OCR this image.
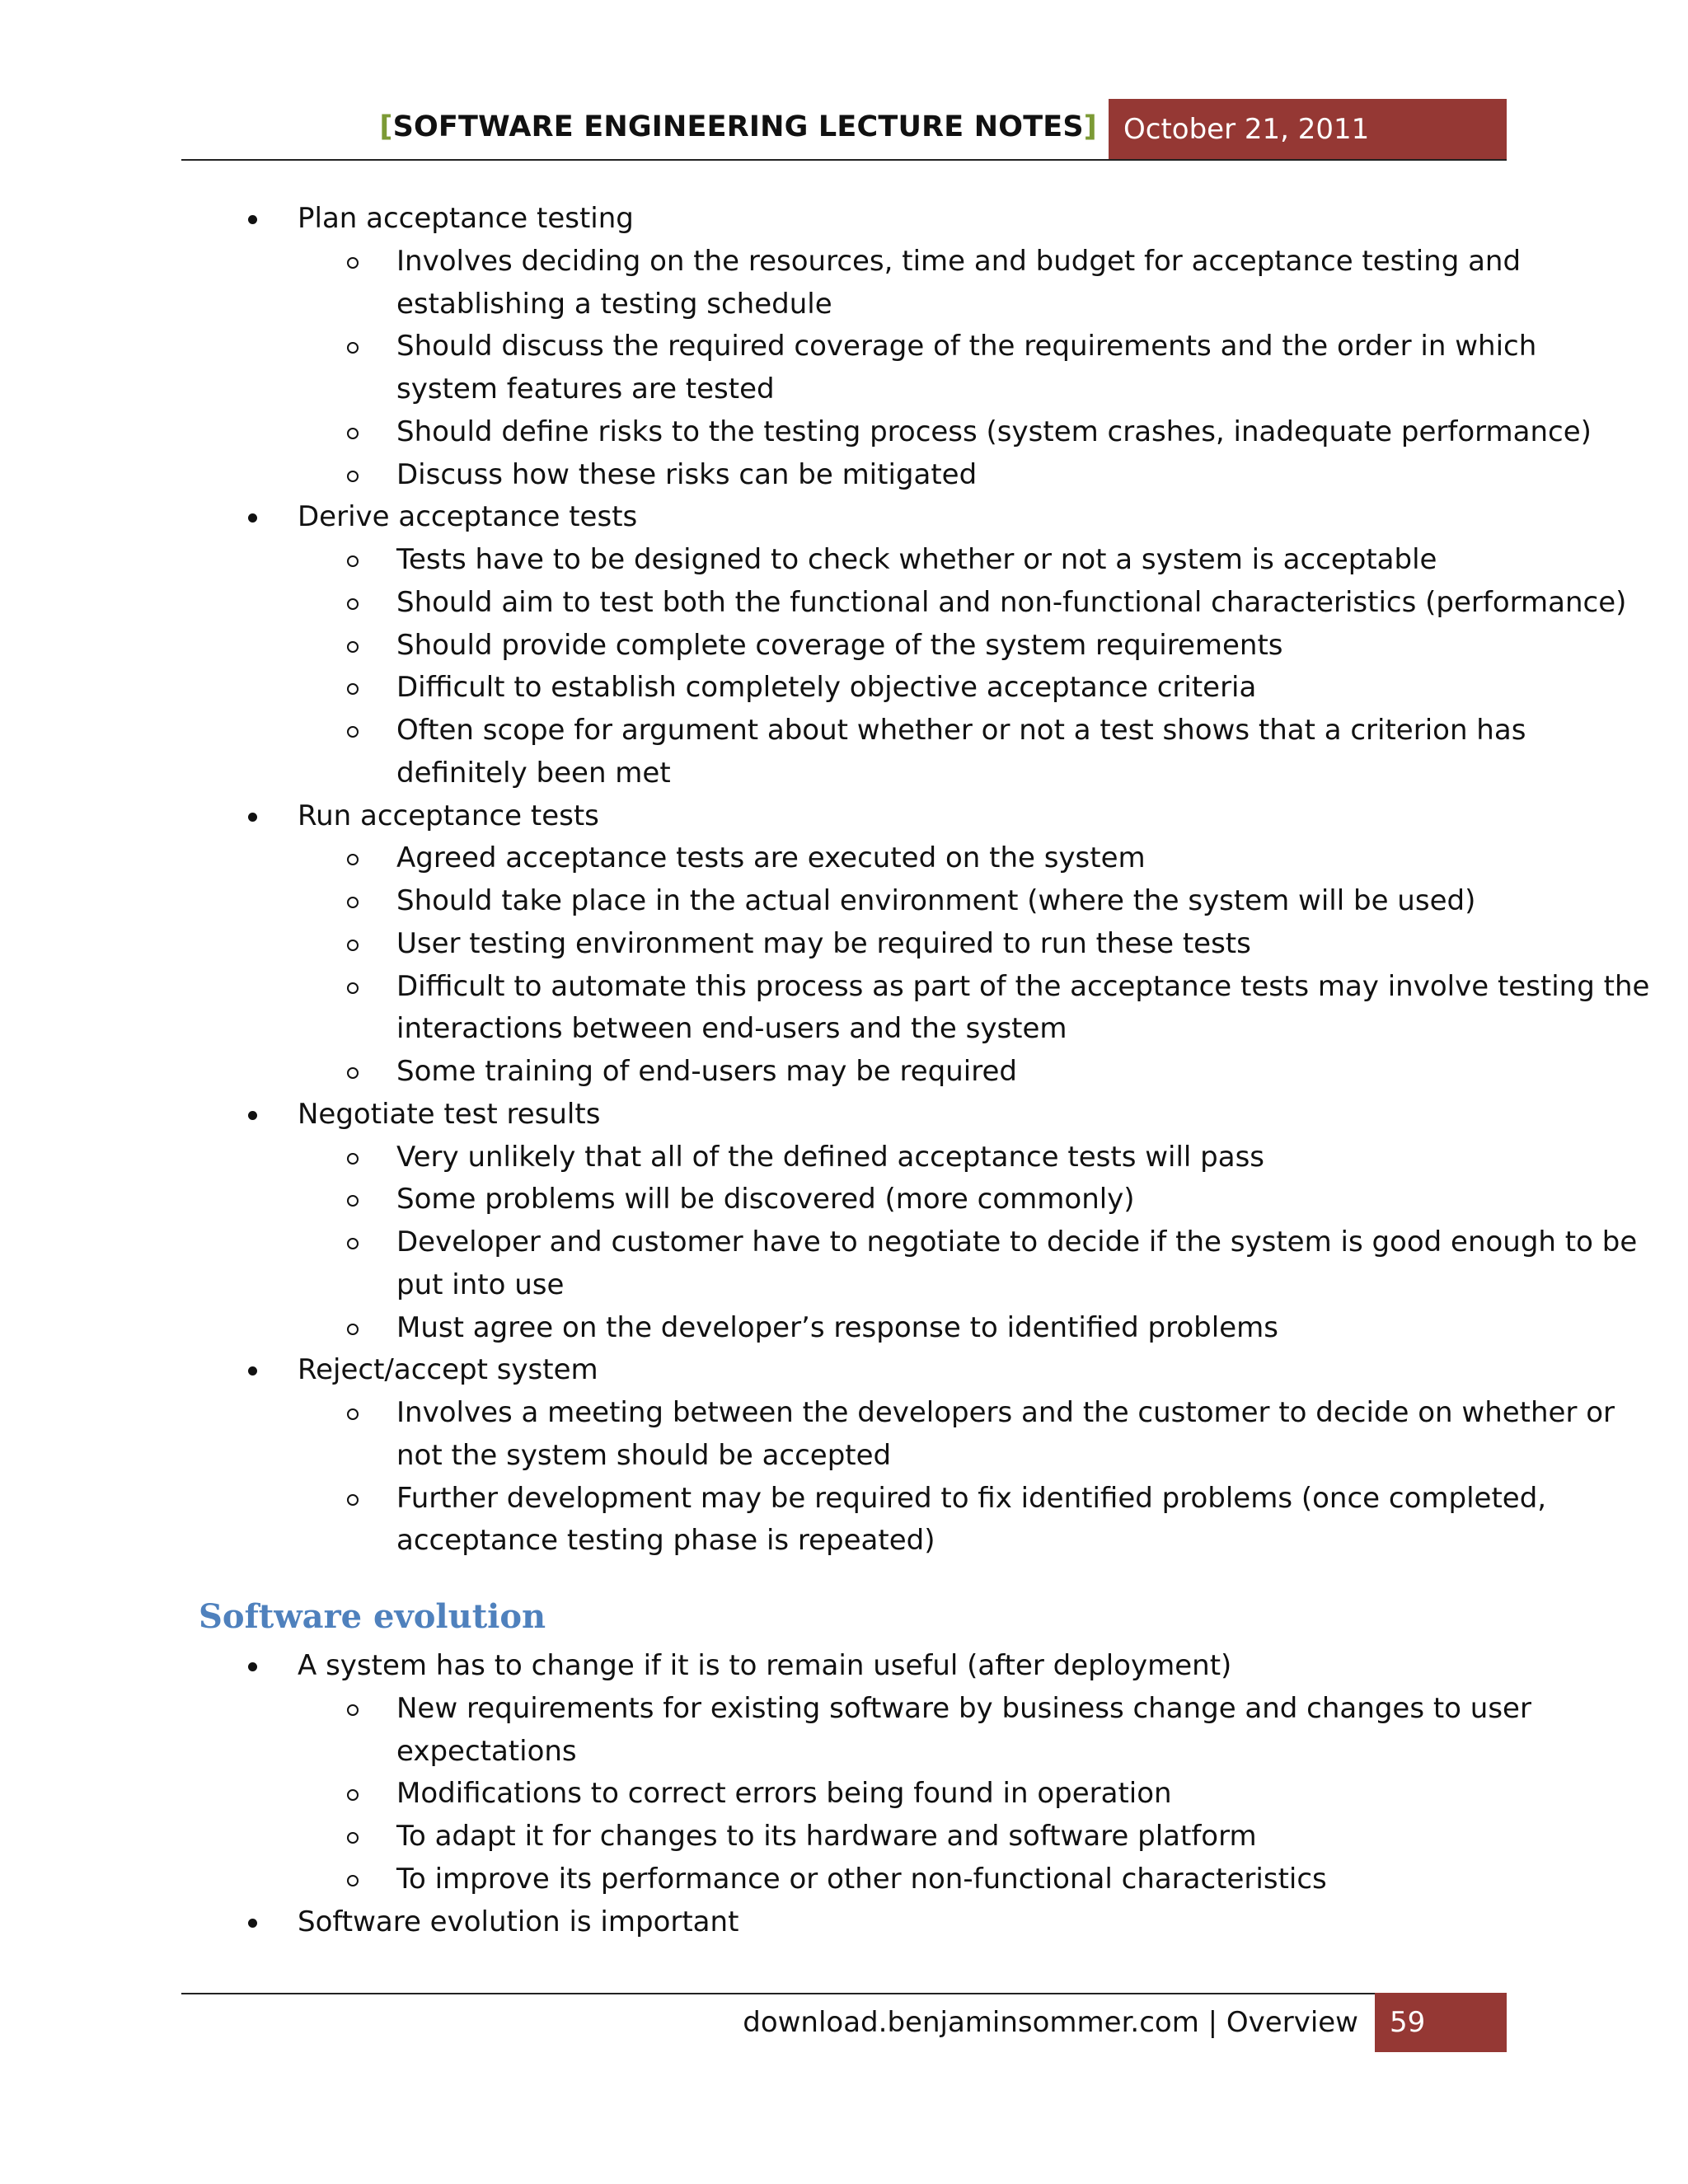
[SOFTWARE ENGINEERING LECTURE NOTES] October 21, 2011
Plan acceptance testing
Involves deciding on the resources, time and budget for acceptance testing and
establishing a testing schedule
Should discuss the required coverage of the requirements and the order in which
system features are tested
Should define risks to the testing process (system crashes, inadequate performance)
Discuss how these risks can be mitigated
Derive acceptance tests
Tests have to be designed to check whether or not a system is acceptable
Should aim to test both the functional and non-functional characteristics (performance)
Should provide complete coverage of the system requirements
Difficult to establish completely objective acceptance criteria
Often scope for argument about whether or not a test shows that a criterion has
definitely been met
Run acceptance tests
Agreed acceptance tests are executed on the system
Should take place in the actual environment (where the system will be used)
User testing environment may be required to run these tests
Difficult to automate this process as part of the acceptance tests may involve testing the
interactions between end-users and the system
Some training of end-users may be required
Negotiate test results
Very unlikely that all of the defined acceptance tests will pass
Some problems will be discovered (more commonly)
Developer and customer have to negotiate to decide if the system is good enough to be
put into use
Must agree on the developer’s response to identified problems
Reject/accept system
Involves a meeting between the developers and the customer to decide on whether or
not the system should be accepted
Further development may be required to fix identified problems (once completed,
acceptance testing phase is repeated)
Software evolution
A system has to change if it is to remain useful (after deployment)
New requirements for existing software by business change and changes to user
expectations
Modifications to correct errors being found in operation
To adapt it for changes to its hardware and software platform
To improve its performance or other non-functional characteristics
Software evolution is important
download.benjaminsommer.com | Overview	59
